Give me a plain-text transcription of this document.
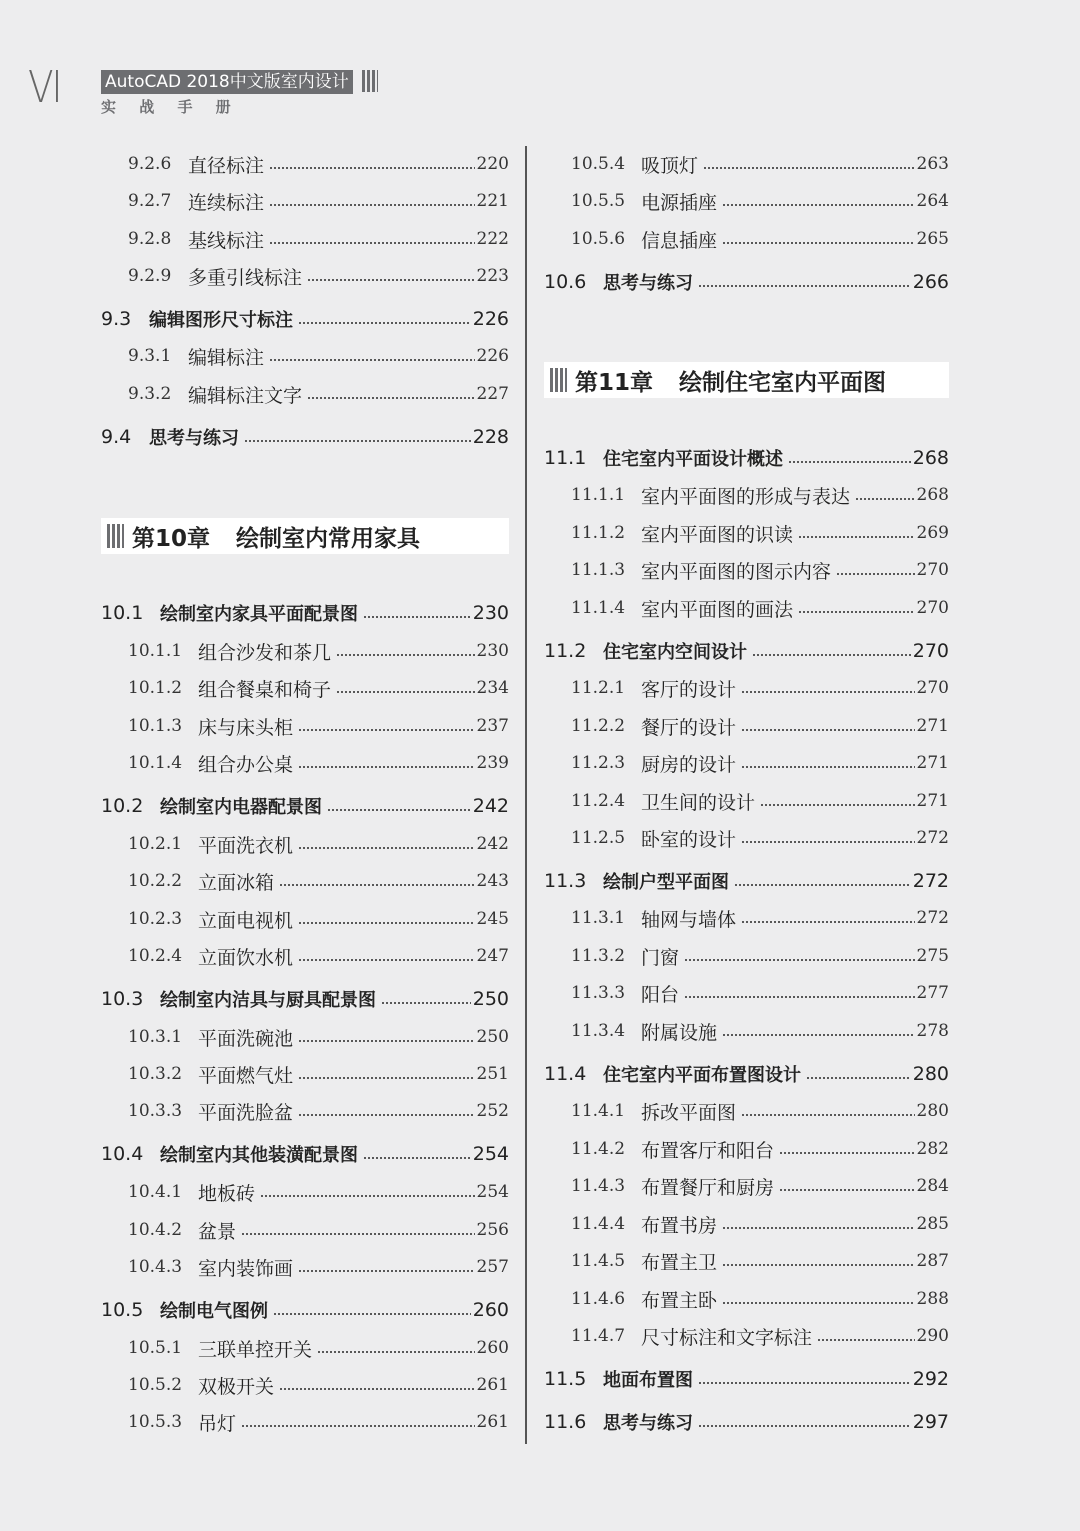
Ⅵ	AutoCAD 2018中文版室内设计
实 战 手 册
9.2.6 直径标注	220
9.2.7 连续标注	221
9.2.8 基线标注	222
9.2.9 多重引线标注	223
9.3 编辑图形尺寸标注	226
9.3.1 编辑标注	226
9.3.2 编辑标注文字	227
9.4 思考与练习	228
第10章 绘制室内常用家具
10.1 绘制室内家具平面配景图	230
10.1.1 组合沙发和茶几	230
10.1.2 组合餐桌和椅子	234
10.1.3 床与床头柜	237
10.1.4 组合办公桌	239
10.2 绘制室内电器配景图	242
10.2.1 平面洗衣机	242
10.2.2 立面冰箱	243
10.2.3 立面电视机	245
10.2.4 立面饮水机	247
10.3 绘制室内洁具与厨具配景图	250
10.3.1 平面洗碗池	250
10.3.2 平面燃气灶	251
10.3.3 平面洗脸盆	252
10.4 绘制室内其他装潢配景图	254
10.4.1 地板砖	254
10.4.2 盆景	256
10.4.3 室内装饰画	257
10.5 绘制电气图例	260
10.5.1 三联单控开关	260
10.5.2 双极开关	261
10.5.3 吊灯	261
10.5.4 吸顶灯	263
10.5.5 电源插座	264
10.5.6 信息插座	265
10.6 思考与练习	266
第11章 绘制住宅室内平面图
11.1 住宅室内平面设计概述	268
11.1.1 室内平面图的形成与表达	268
11.1.2 室内平面图的识读	269
11.1.3 室内平面图的图示内容	270
11.1.4 室内平面图的画法	270
11.2 住宅室内空间设计	270
11.2.1 客厅的设计	270
11.2.2 餐厅的设计	271
11.2.3 厨房的设计	271
11.2.4 卫生间的设计	271
11.2.5 卧室的设计	272
11.3 绘制户型平面图	272
11.3.1 轴网与墙体	272
11.3.2 门窗	275
11.3.3 阳台	277
11.3.4 附属设施	278
11.4 住宅室内平面布置图设计	280
11.4.1 拆改平面图	280
11.4.2 布置客厅和阳台	282
11.4.3 布置餐厅和厨房	284
11.4.4 布置书房	285
11.4.5 布置主卫	287
11.4.6 布置主卧	288
11.4.7 尺寸标注和文字标注	290
11.5 地面布置图	292
11.6 思考与练习	297
